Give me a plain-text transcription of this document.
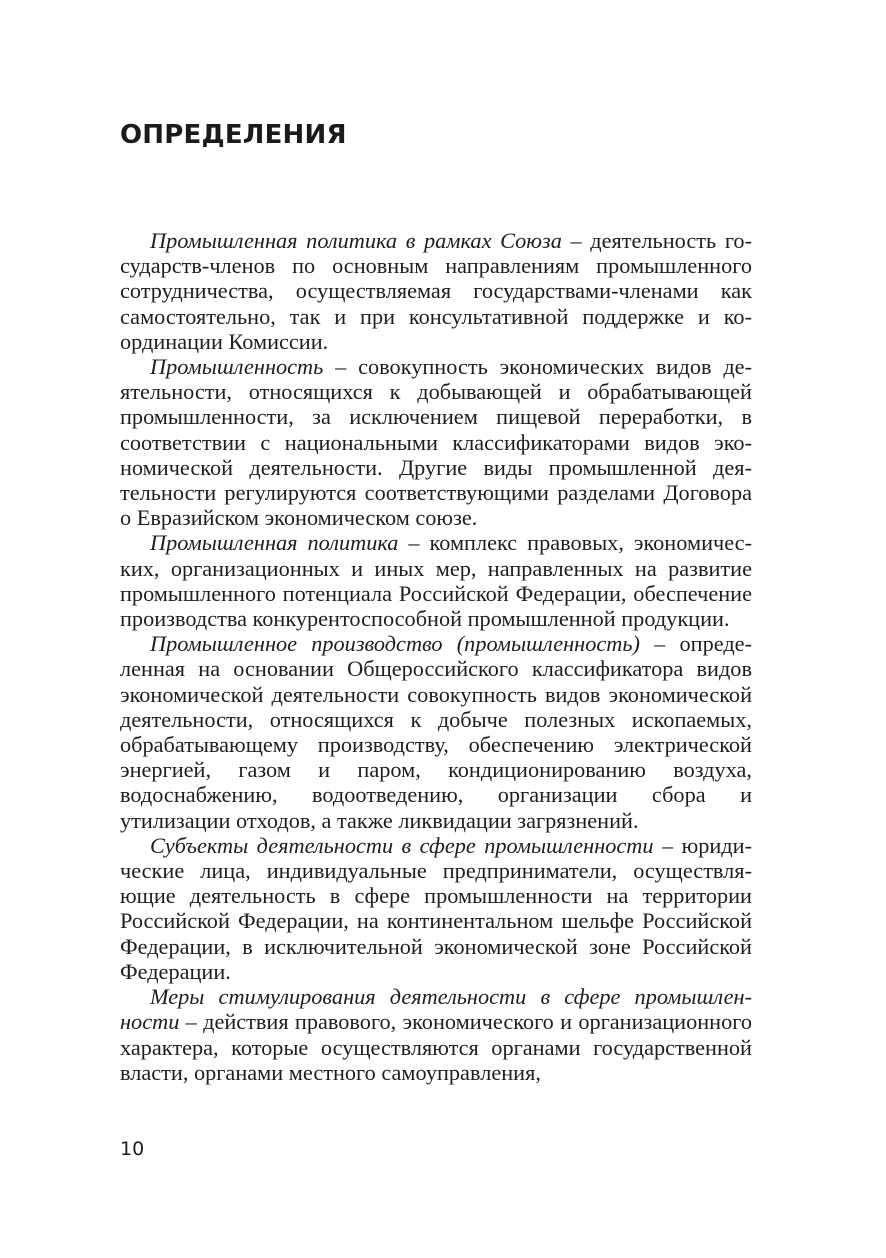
ОПРЕДЕЛЕНИЯ

Промышленная политика в рамках Союза – деятельность государств-членов по основным направлениям промышленного сотрудничества, осуществляемая государствами-членами как самостоятельно, так и при консультативной поддержке и координации Комиссии.

Промышленность – совокупность экономических видов деятельности, относящихся к добывающей и обрабатывающей промышленности, за исключением пищевой переработки, в соответствии с национальными классификаторами видов экономической деятельности. Другие виды промышленной деятельности регулируются соответствующими разделами Договора о Евразийском экономическом союзе.

Промышленная политика – комплекс правовых, экономических, организационных и иных мер, направленных на развитие промышленного потенциала Российской Федерации, обеспечение производства конкурентоспособной промышленной продукции.

Промышленное производство (промышленность) – определенная на основании Общероссийского классификатора видов экономической деятельности совокупность видов экономической деятельности, относящихся к добыче полезных ископаемых, обрабатывающему производству, обеспечению электрической энергией, газом и паром, кондиционированию воздуха, водоснабжению, водоотведению, организации сбора и утилизации отходов, а также ликвидации загрязнений.

Субъекты деятельности в сфере промышленности – юридические лица, индивидуальные предприниматели, осуществляющие деятельность в сфере промышленности на территории Российской Федерации, на континентальном шельфе Российской Федерации, в исключительной экономической зоне Российской Федерации.

Меры стимулирования деятельности в сфере промышленности – действия правового, экономического и организационного характера, которые осуществляются органами государственной власти, органами местного самоуправления,

10
